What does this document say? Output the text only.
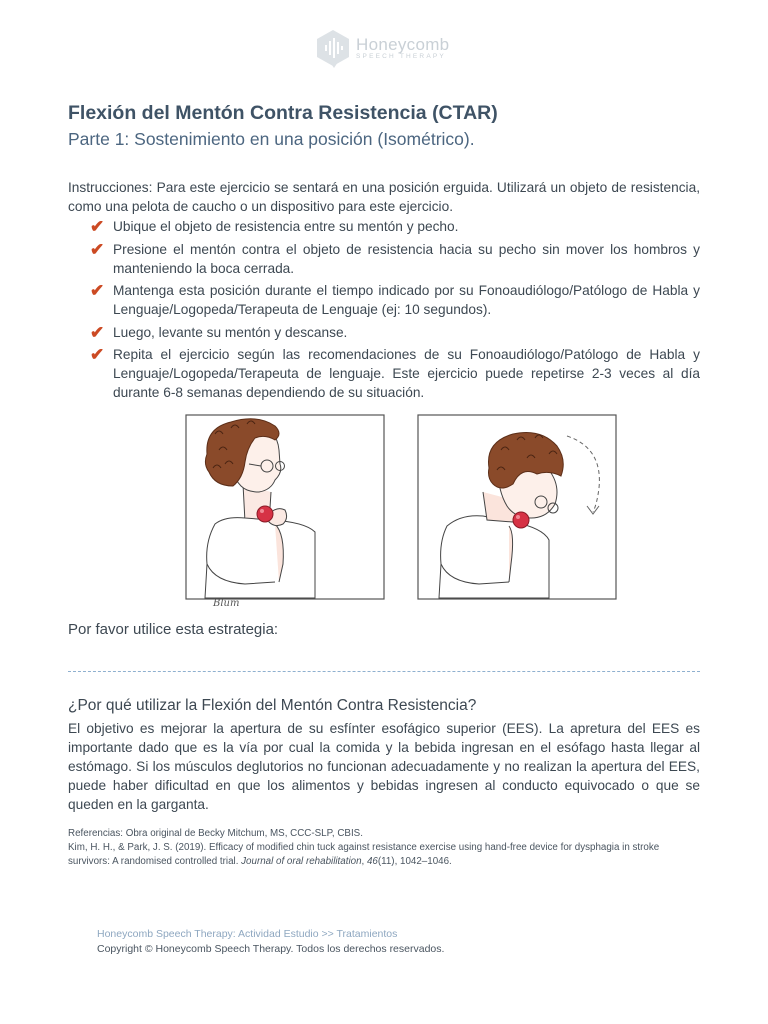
Honeycomb
SPEECH THERAPY
Flexión del Mentón Contra Resistencia (CTAR)
Parte 1: Sostenimiento en una posición (Isométrico).
Instrucciones: Para este ejercicio se sentará en una posición erguida. Utilizará un objeto de resistencia, como una pelota de caucho o un dispositivo para este ejercicio.
✔ Ubique el objeto de resistencia entre su mentón y pecho.
✔ Presione el mentón contra el objeto de resistencia hacia su pecho sin mover los hombros y manteniendo la boca cerrada.
✔ Mantenga esta posición durante el tiempo indicado por su Fonoaudiólogo/Patólogo de Habla y Lenguaje/Logopeda/Terapeuta de Lenguaje (ej: 10 segundos).
✔ Luego, levante su mentón y descanse.
✔ Repita el ejercicio según las recomendaciones de su Fonoaudiólogo/Patólogo de Habla y Lenguaje/Logopeda/Terapeuta de lenguaje. Este ejercicio puede repetirse 2-3 veces al día durante 6-8 semanas dependiendo de su situación.
Blum
Por favor utilice esta estrategia:
¿Por qué utilizar la Flexión del Mentón Contra Resistencia?
El objetivo es mejorar la apertura de su esfínter esofágico superior (EES). La apretura del EES es importante dado que es la vía por cual la comida y la bebida ingresan en el esófago hasta llegar al estómago. Si los músculos deglutorios no funcionan adecuadamente y no realizan la apertura del EES, puede haber dificultad en que los alimentos y bebidas ingresen al conducto equivocado o que se queden en la garganta.
Referencias: Obra original de Becky Mitchum, MS, CCC-SLP, CBIS.
Kim, H. H., & Park, J. S. (2019). Efficacy of modified chin tuck against resistance exercise using hand-free device for dysphagia in stroke survivors: A randomised controlled trial. Journal of oral rehabilitation, 46(11), 1042–1046.
Honeycomb Speech Therapy: Actividad Estudio >> Tratamientos
Copyright © Honeycomb Speech Therapy. Todos los derechos reservados.
